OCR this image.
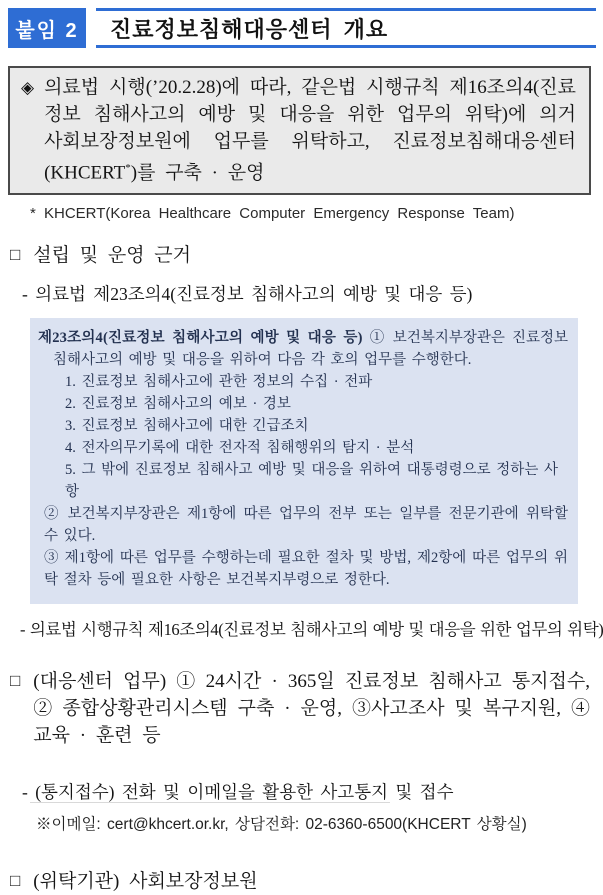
붙임 2	진료정보침해대응센터 개요
◈ 의료법 시행(’20.2.28)에 따라, 같은법 시행규칙 제16조의4(진료정보 침해사고의 예방 및 대응을 위한 업무의 위탁)에 의거 사회보장정보원에 업무를 위탁하고, 진료정보침해대응센터(KHCERT*)를 구축 · 운영

* KHCERT(Korea Healthcare Computer Emergency Response Team)

□ 설립 및 운영 근거

- 의료법 제23조의4(진료정보 침해사고의 예방 및 대응 등)

제23조의4(진료정보 침해사고의 예방 및 대응 등) ① 보건복지부장관은 진료정보 침해사고의 예방 및 대응을 위하여 다음 각 호의 업무를 수행한다.

1. 진료정보 침해사고에 관한 정보의 수집 · 전파

2. 진료정보 침해사고의 예보 · 경보

3. 진료정보 침해사고에 대한 긴급조치

4. 전자의무기록에 대한 전자적 침해행위의 탐지 · 분석

5. 그 밖에 진료정보 침해사고 예방 및 대응을 위하여 대통령령으로 정하는 사항

② 보건복지부장관은 제1항에 따른 업무의 전부 또는 일부를 전문기관에 위탁할 수 있다.

③ 제1항에 따른 업무를 수행하는데 필요한 절차 및 방법, 제2항에 따른 업무의 위탁 절차 등에 필요한 사항은 보건복지부령으로 정한다.

- 의료법 시행규칙 제16조의4(진료정보 침해사고의 예방 및 대응을 위한 업무의 위탁)

□ (대응센터 업무) ① 24시간 · 365일 진료정보 침해사고 통지접수, ② 종합상황관리시스템 구축 · 운영, ③사고조사 및 복구지원, ④교육 · 훈련 등

- (통지접수) 전화 및 이메일을 활용한 사고통지 및 접수

※이메일: cert@khcert.or.kr, 상담전화: 02-6360-6500(KHCERT 상황실)

□ (위탁기관) 사회보장정보원
